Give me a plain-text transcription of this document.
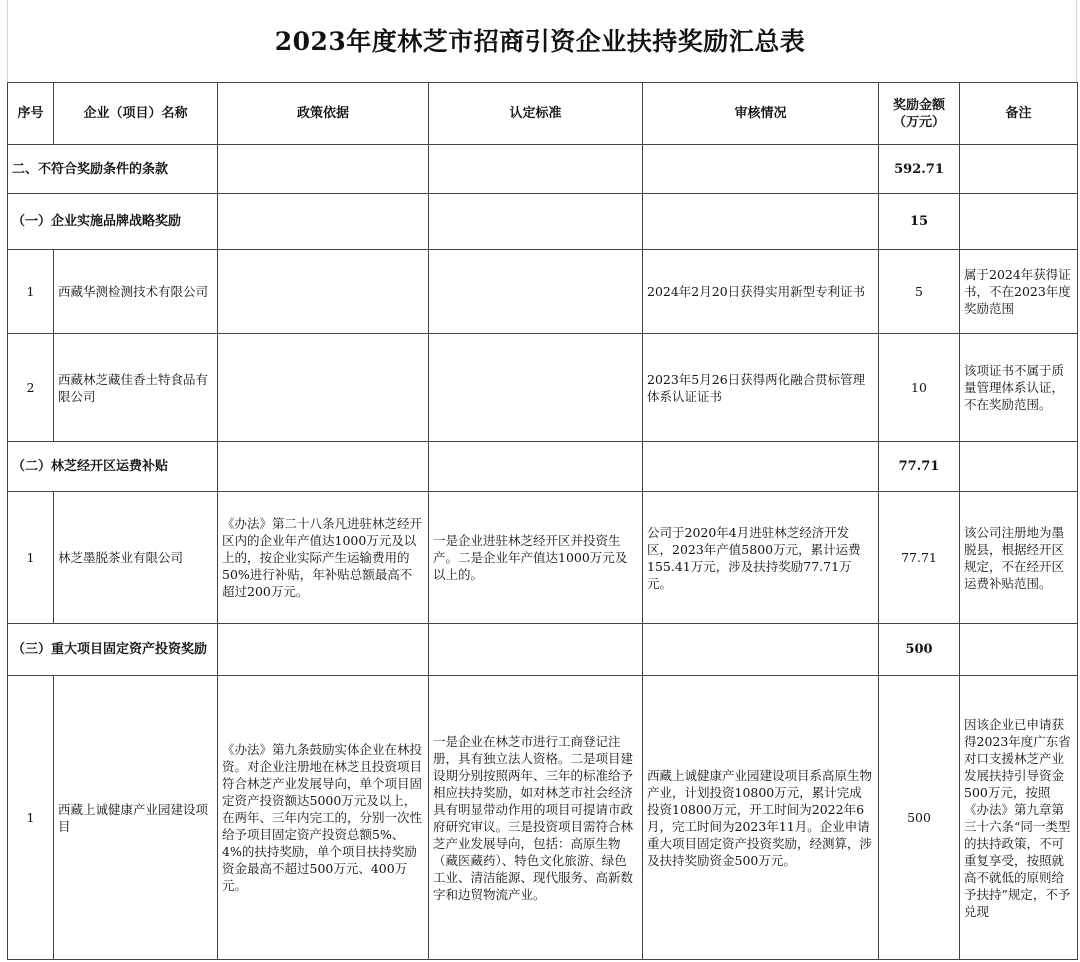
2023年度林芝市招商引资企业扶持奖励汇总表
序号	企业（项目）名称	政策依据	认定标准	审核情况	奖励金额（万元）	备注
二、不符合奖励条件的条款					592.71	
（一）企业实施品牌战略奖励					15	
1	西藏华测检测技术有限公司			2024年2月20日获得实用新型专利证书	5	属于2024年获得证书，不在2023年度奖励范围
2	西藏林芝藏佳香土特食品有限公司			2023年5月26日获得两化融合贯标管理体系认证证书	10	该项证书不属于质量管理体系认证，不在奖励范围。
（二）林芝经开区运费补贴					77.71	
1	林芝墨脱茶业有限公司	《办法》第二十八条凡进驻林芝经开区内的企业年产值达1000万元及以上的，按企业实际产生运输费用的50%进行补贴，年补贴总额最高不超过200万元。	一是企业进驻林芝经开区并投资生产。二是企业年产值达1000万元及以上的。	公司于2020年4月进驻林芝经济开发区，2023年产值5800万元，累计运费155.41万元，涉及扶持奖励77.71万元。	77.71	该公司注册地为墨脱县，根据经开区规定，不在经开区运费补贴范围。
（三）重大项目固定资产投资奖励					500	
1	西藏上诚健康产业园建设项目	《办法》第九条鼓励实体企业在林投资。对企业注册地在林芝且投资项目符合林芝产业发展导向，单个项目固定资产投资额达5000万元及以上，在两年、三年内完工的，分别一次性给予项目固定资产投资总额5%、4%的扶持奖励，单个项目扶持奖励资金最高不超过500万元、400万元。	一是企业在林芝市进行工商登记注册，具有独立法人资格。二是项目建设期分别按照两年、三年的标准给予相应扶持奖励，如对林芝市社会经济具有明显带动作用的项目可提请市政府研究审议。三是投资项目需符合林芝产业发展导向，包括：高原生物（藏医藏药）、特色文化旅游、绿色工业、清洁能源、现代服务、高新数字和边贸物流产业。	西藏上诚健康产业园建设项目系高原生物产业，计划投资10800万元，累计完成投资10800万元，开工时间为2022年6月，完工时间为2023年11月。企业申请重大项目固定资产投资奖励，经测算，涉及扶持奖励资金500万元。	500	因该企业已申请获得2023年度广东省对口支援林芝产业发展扶持引导资金500万元，按照《办法》第九章第三十六条“同一类型的扶持政策，不可重复享受，按照就高不就低的原则给予扶持”规定，不予兑现
